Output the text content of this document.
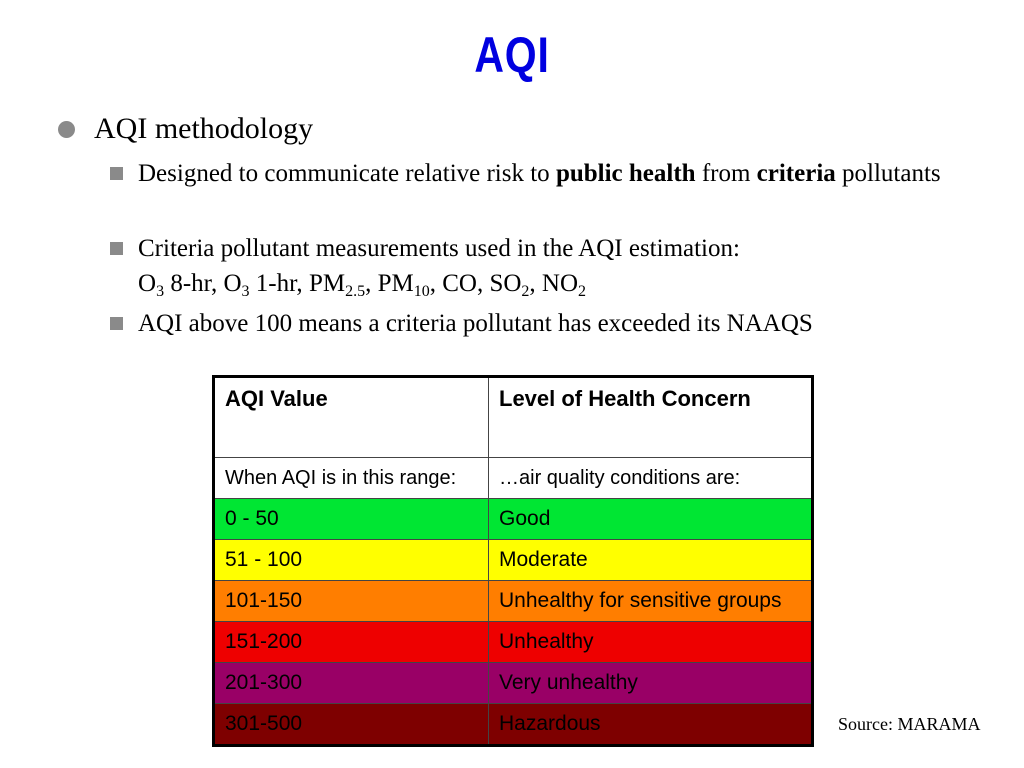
AQI
AQI methodology
Designed to communicate relative risk to public health from criteria pollutants
Criteria pollutant measurements used in the AQI estimation:
$O_3$ 8-hr, $O_3$ 1-hr, $PM_{2.5}$, $PM_{10}$, CO, $SO_2$, $NO_2$
AQI above 100 means a criteria pollutant has exceeded its NAAQS
AQI Value	Level of Health Concern
When AQI is in this range:	…air quality conditions are:
0 - 50	Good
51 - 100	Moderate
101-150	Unhealthy for sensitive groups
151-200	Unhealthy
201-300	Very unhealthy
301-500	Hazardous	Source: MARAMA
